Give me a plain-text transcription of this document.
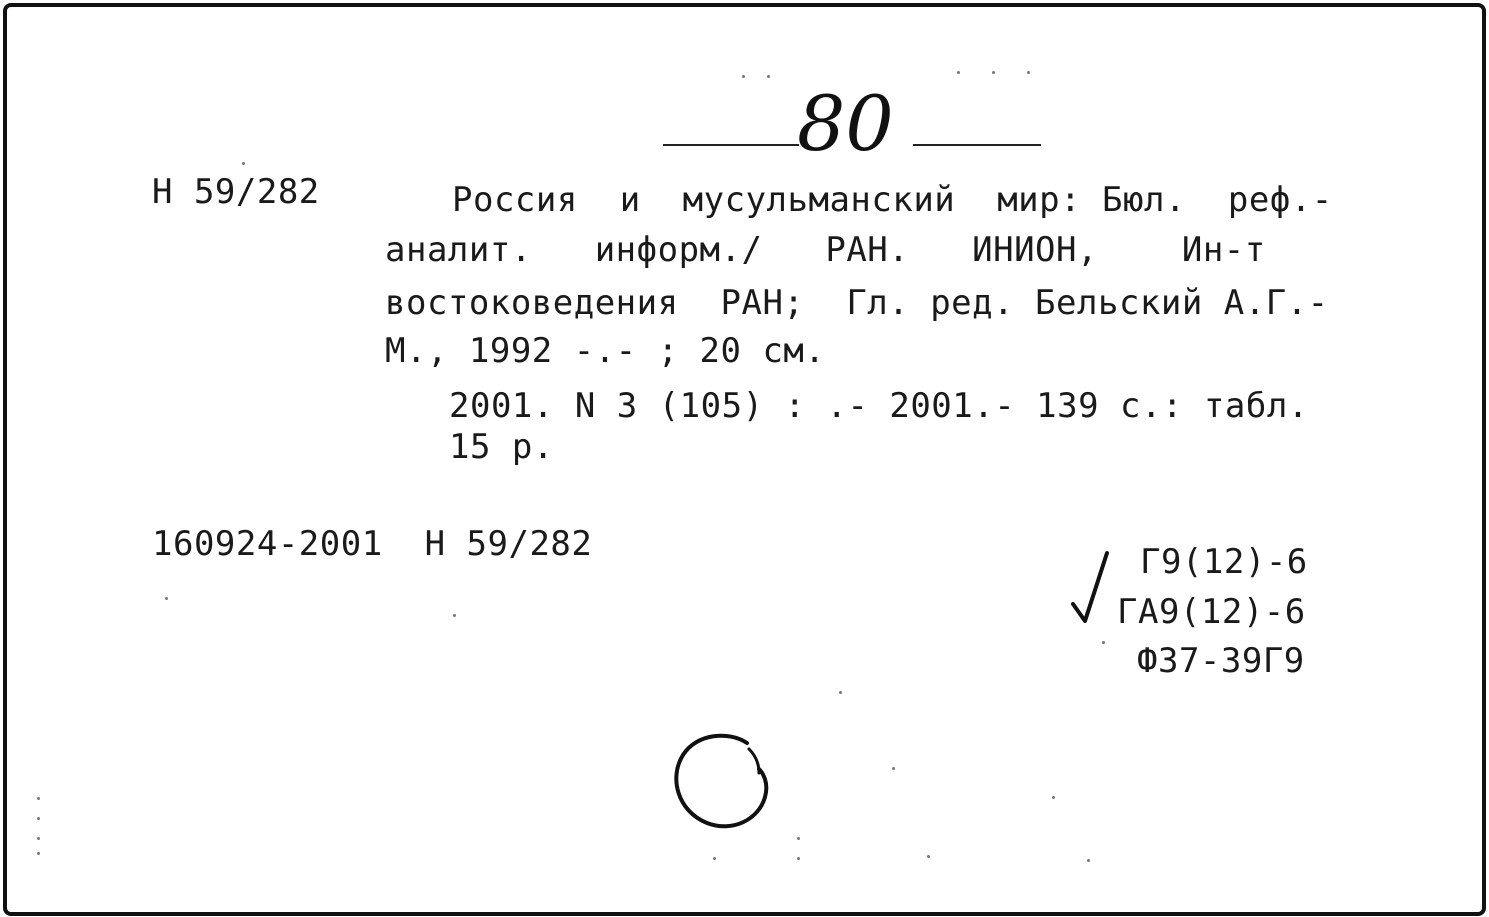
80
Н 59/282	Россия  и  мусульманский  мир: Бюл.  реф.-
аналит.   информ./   РАН.   ИНИОН,    Ин-т
востоковедения  РАН;  Гл. ред. Бельский А.Г.-
М., 1992 -.- ; 20 см.
2001. N 3 (105) : .- 2001.- 139 с.: табл.
15 р.
160924-2001  Н 59/282	Г9(12)-6
ГА9(12)-6
Ф37-39Г9
